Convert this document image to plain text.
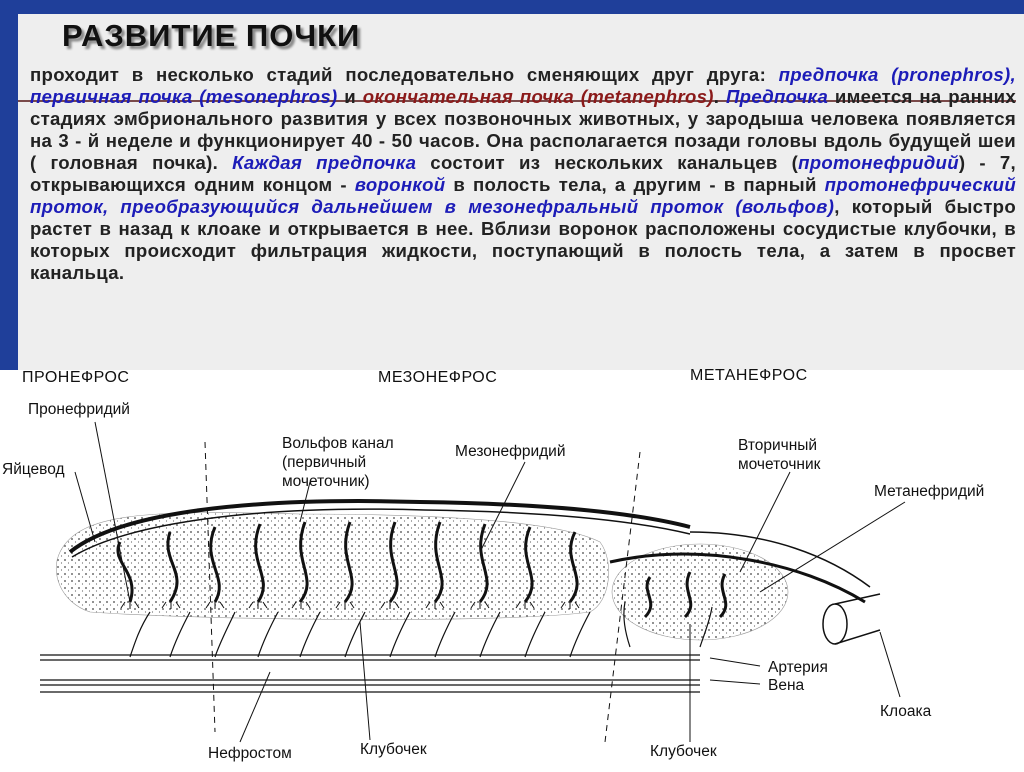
РАЗВИТИЕ ПОЧКИ
проходит в несколько стадий последовательно сменяющих друг друга: предпочка (pronephros), первичная почка (mesonephros) и окончательная почка (metanephros). Предпочка имеется на ранних стадиях эмбрионального развития у всех позвоночных животных, у зародыша человека появляется на 3 - й неделе и функционирует 40 - 50 часов. Она располагается позади головы вдоль будущей шеи ( головная почка). Каждая предпочка состоит из нескольких канальцев (протонефридий) - 7, открывающихся одним концом - воронкой в полость тела, а другим - в парный протонефрический проток, преобразующийся дальнейшем в мезонефральный проток (вольфов), который быстро растет в назад к клоаке и открывается в нее. Вблизи воронок расположены сосудистые клубочки, в которых происходит фильтрация жидкости, поступающий в полость тела, а затем в просвет канальца.
ПРОНЕФРОС	МЕЗОНЕФРОС	МЕТАНЕФРОС
Пронефридий
Яйцевод
Вольфов канал
(первичный
мочеточник)
Мезонефридий	Вторичный
мочеточник
Метанефридий
Артерия
Вена
Клоака
Нефростом	Клубочек	Клубочек
